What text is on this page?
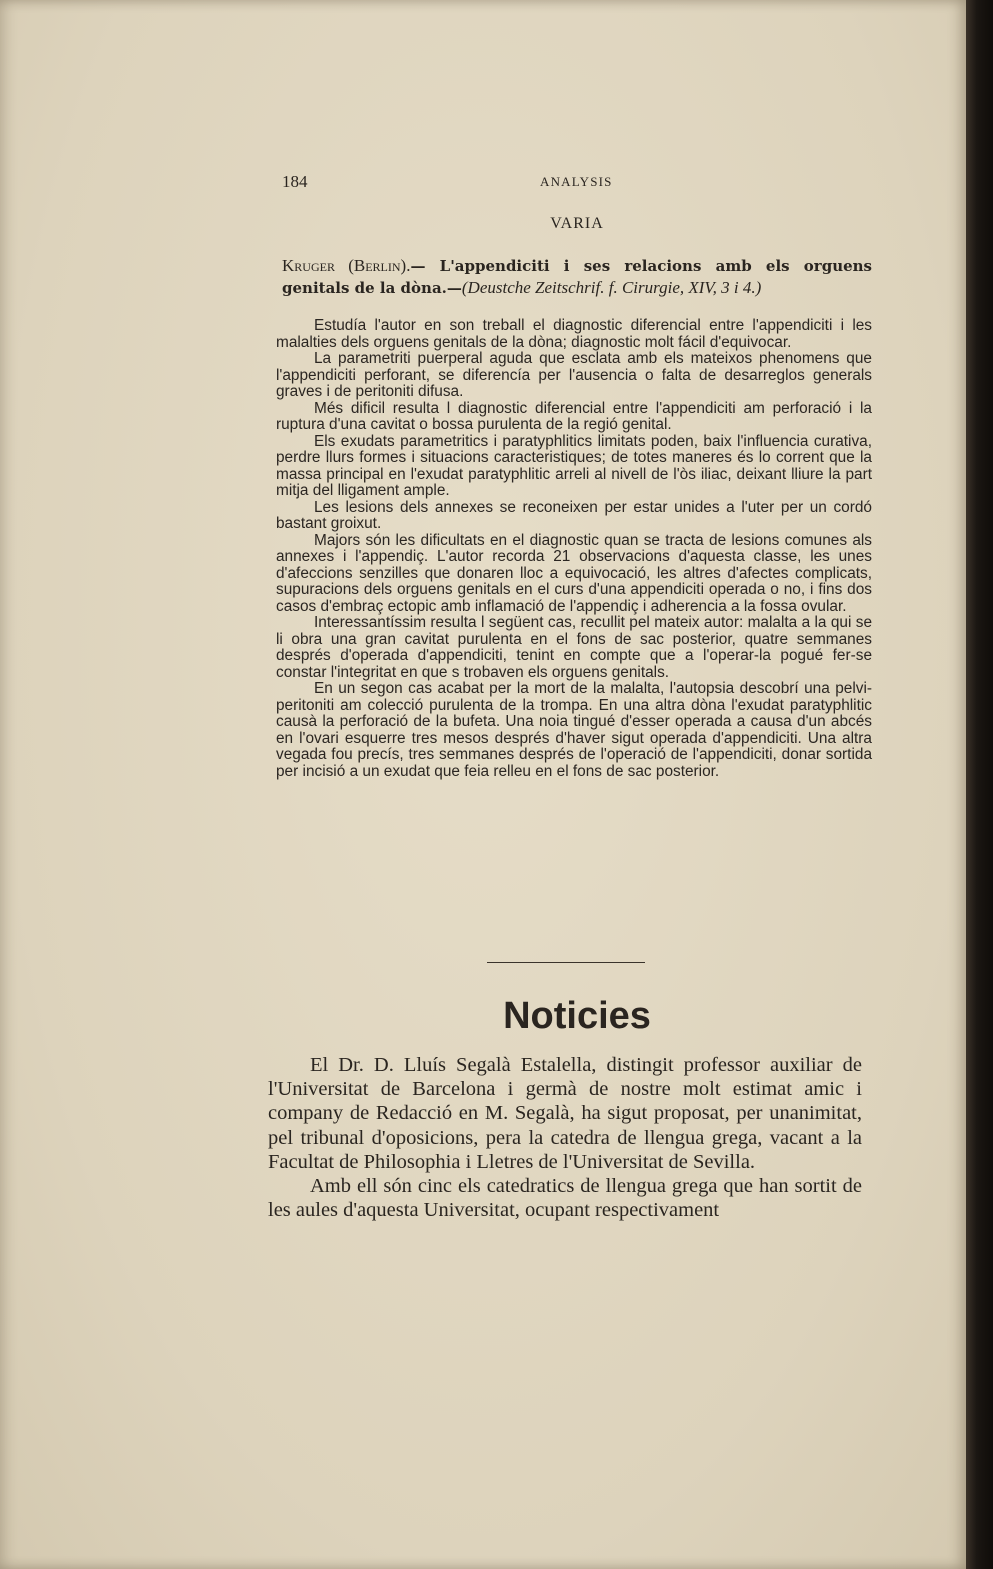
184	ANALYSIS
VARIA
Kruger (Berlin).— L'appendiciti i ses relacions amb els orguens genitals de la dòna.—(Deustche Zeitschrif. f. Cirurgie, XIV, 3 i 4.)

Estudía l'autor en son treball el diagnostic diferencial entre l'appendiciti i les malalties dels orguens genitals de la dòna; diagnostic molt fácil d'equivocar.

La parametriti puerperal aguda que esclata amb els mateixos phenomens que l'appendiciti perforant, se diferencía per l'ausencia o falta de desarreglos generals graves i de peritoniti difusa.

Més dificil resulta l diagnostic diferencial entre l'appendiciti am perforació i la ruptura d'una cavitat o bossa purulenta de la regió genital.

Els exudats parametritics i paratyphlitics limitats poden, baix l'influencia curativa, perdre llurs formes i situacions caracteristiques; de totes maneres és lo corrent que la massa principal en l'exudat paratyphlitic arreli al nivell de l'òs iliac, deixant lliure la part mitja del lligament ample.

Les lesions dels annexes se reconeixen per estar unides a l'uter per un cordó bastant groixut.

Majors són les dificultats en el diagnostic quan se tracta de lesions comunes als annexes i l'appendiç. L'autor recorda 21 observacions d'aquesta classe, les unes d'afeccions senzilles que donaren lloc a equivocació, les altres d'afectes complicats, supuracions dels orguens genitals en el curs d'una appendiciti operada o no, i fins dos casos d'embraç ectopic amb inflamació de l'appendiç i adherencia a la fossa ovular.

Interessantíssim resulta l següent cas, recullit pel mateix autor: malalta a la qui se li obra una gran cavitat purulenta en el fons de sac posterior, quatre semmanes després d'operada d'appendiciti, tenint en compte que a l'operar-la pogué fer-se constar l'integritat en que s trobaven els orguens genitals.

En un segon cas acabat per la mort de la malalta, l'autopsia descobrí una pelvi-peritoniti am colecció purulenta de la trompa. En una altra dòna l'exudat paratyphlitic causà la perforació de la bufeta. Una noia tingué d'esser operada a causa d'un abcés en l'ovari esquerre tres mesos després d'haver sigut operada d'appendiciti. Una altra vegada fou precís, tres semmanes després de l'operació de l'appendiciti, donar sortida per incisió a un exudat que feia relleu en el fons de sac posterior.

Noticies

El Dr. D. Lluís Segalà Estalella, distingit professor auxiliar de l'Universitat de Barcelona i germà de nostre molt estimat amic i company de Redacció en M. Segalà, ha sigut proposat, per unanimitat, pel tribunal d'oposicions, pera la catedra de llengua grega, vacant a la Facultat de Philosophia i Lletres de l'Universitat de Sevilla.

Amb ell són cinc els catedratics de llengua grega que han sortit de les aules d'aquesta Universitat, ocupant respectivament
